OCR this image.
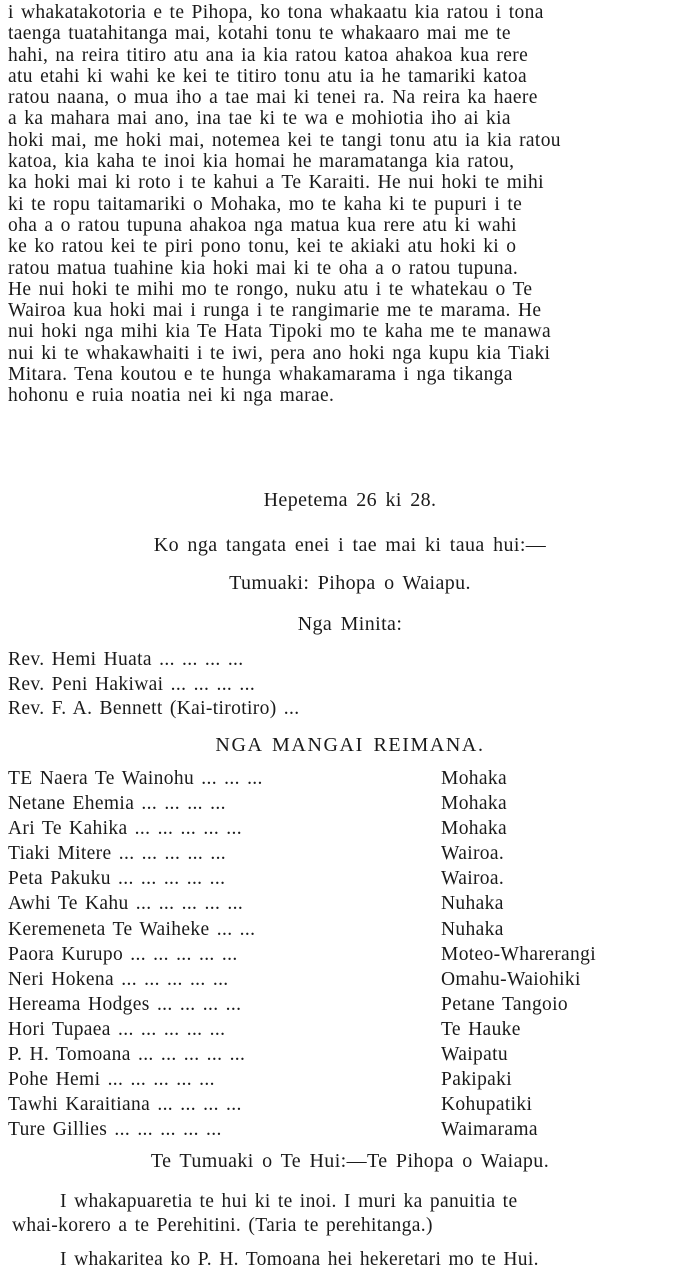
i whakatakotoria e te Pihopa, ko tona whakaatu kia ratou i tona
taenga tuatahitanga mai, kotahi tonu te whakaaro mai me te
hahi, na reira titiro atu ana ia kia ratou katoa ahakoa kua rere
atu etahi ki wahi ke kei te titiro tonu atu ia he tamariki katoa
ratou naana, o mua iho a tae mai ki tenei ra. Na reira ka haere
a ka mahara mai ano, ina tae ki te wa e mohiotia iho ai kia
hoki mai, me hoki mai, notemea kei te tangi tonu atu ia kia ratou
katoa, kia kaha te inoi kia homai he maramatanga kia ratou,
ka hoki mai ki roto i te kahui a Te Karaiti. He nui hoki te mihi
ki te ropu taitamariki o Mohaka, mo te kaha ki te pupuri i te
oha a o ratou tupuna ahakoa nga matua kua rere atu ki wahi
ke ko ratou kei te piri pono tonu, kei te akiaki atu hoki ki o
ratou matua tuahine kia hoki mai ki te oha a o ratou tupuna.
He nui hoki te mihi mo te rongo, nuku atu i te whatekau o Te
Wairoa kua hoki mai i runga i te rangimarie me te marama. He
nui hoki nga mihi kia Te Hata Tipoki mo te kaha me te manawa
nui ki te whakawhaiti i te iwi, pera ano hoki nga kupu kia Tiaki
Mitara. Tena koutou e te hunga whakamarama i nga tikanga
hohonu e ruia noatia nei ki nga marae.
Hepetema 26 ki 28.
Ko nga tangata enei i tae mai ki taua hui:—
Tumuaki: Pihopa o Waiapu.
Nga Minita:
Rev. Hemi Huata ... ... ... ...
Rev. Peni Hakiwai ... ... ... ...
Rev. F. A. Bennett (Kai-tirotiro) ...
NGA MANGAI REIMANA.
TE Naera Te Wainohu ... ... ...	Mohaka
Netane Ehemia ... ... ... ...	Mohaka
Ari Te Kahika ... ... ... ... ...	Mohaka
Tiaki Mitere ... ... ... ... ...	Wairoa.
Peta Pakuku ... ... ... ... ...	Wairoa.
Awhi Te Kahu ... ... ... ... ...	Nuhaka
Keremeneta Te Waiheke ... ...	Nuhaka
Paora Kurupo ... ... ... ... ...	Moteo-Wharerangi
Neri Hokena ... ... ... ... ...	Omahu-Waiohiki
Hereama Hodges ... ... ... ...	Petane Tangoio
Hori Tupaea ... ... ... ... ...	Te Hauke
P. H. Tomoana ... ... ... ... ...	Waipatu
Pohe Hemi ... ... ... ... ...	Pakipaki
Tawhi Karaitiana ... ... ... ...	Kohupatiki
Ture Gillies ... ... ... ... ...	Waimarama
Te Tumuaki o Te Hui:—Te Pihopa o Waiapu.
I whakapuaretia te hui ki te inoi. I muri ka panuitia te
whai-korero a te Perehitini. (Taria te perehitanga.)
I whakaritea ko P. H. Tomoana hei hekeretari mo te Hui.
